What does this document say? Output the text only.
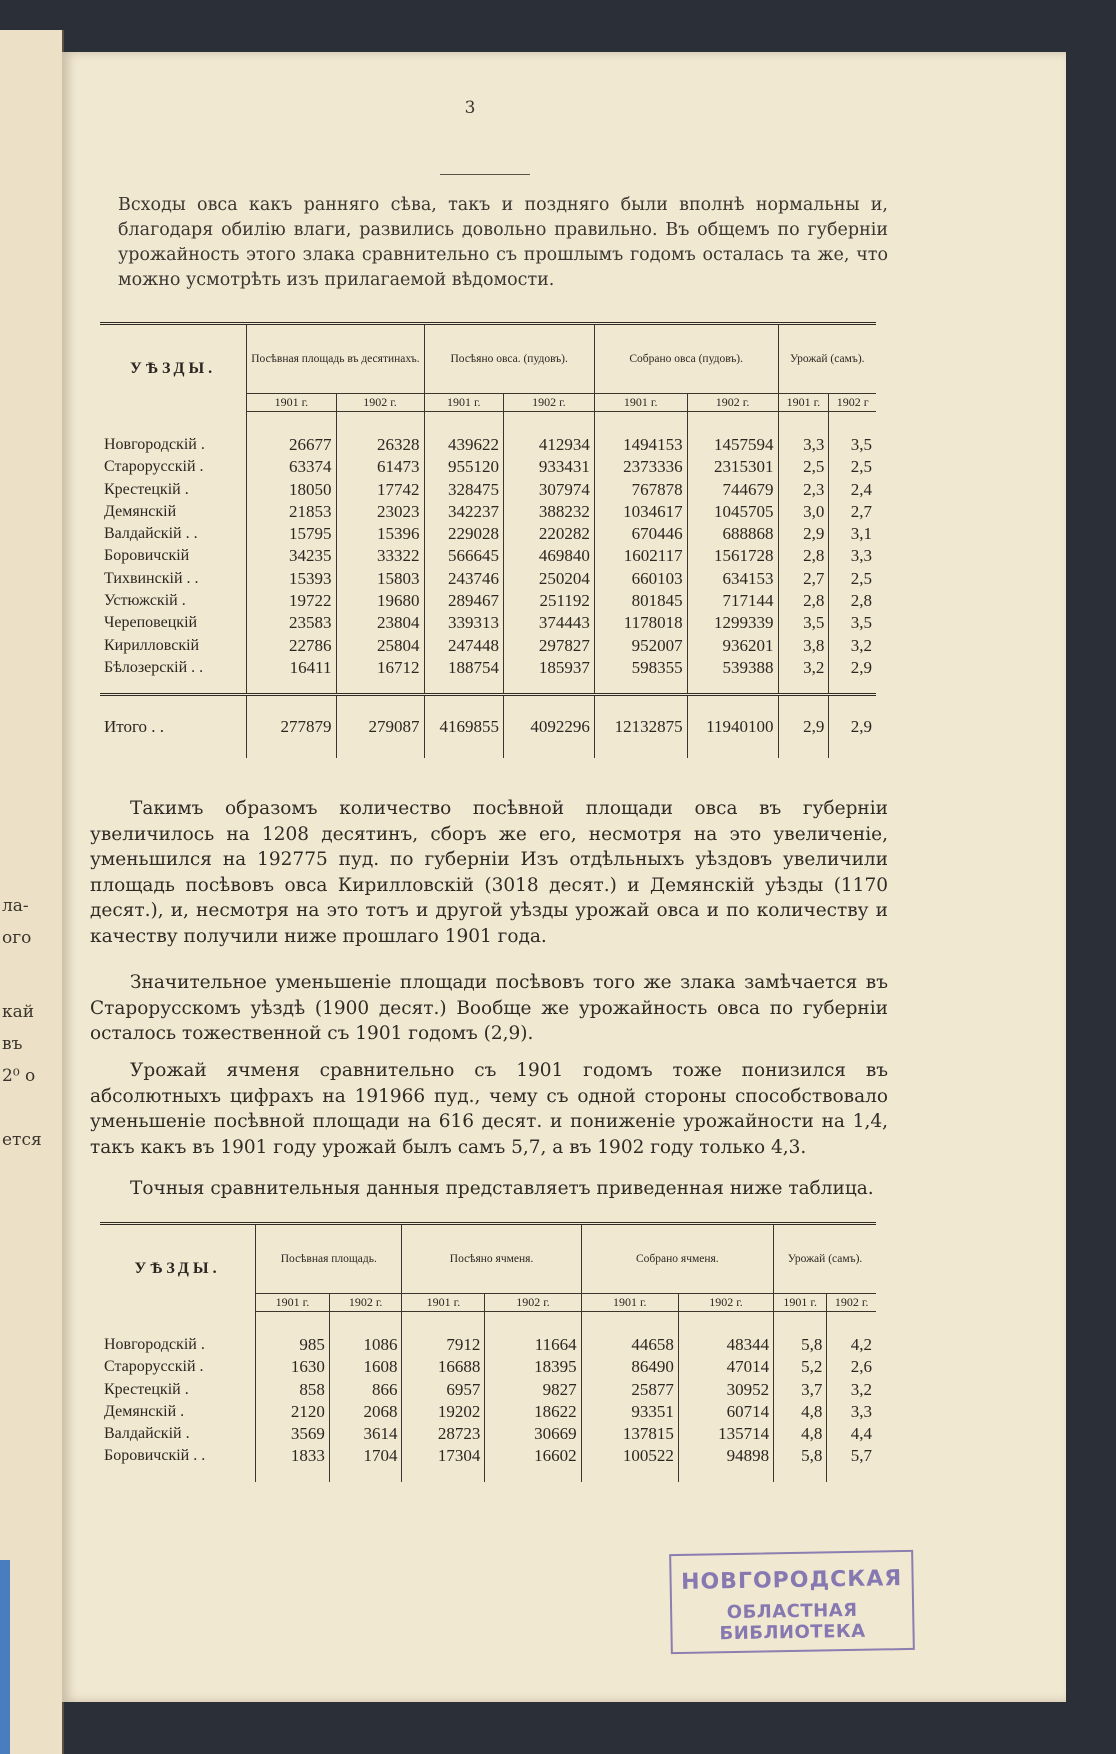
ла-
ого
кай
въ
2⁰ о
ется
3

Всходы овса какъ ранняго сѣва, такъ и поздняго были вполнѣ нормальны и, благодаря обилію влаги, развились довольно правильно. Въ общемъ по губерніи урожайность этого злака сравнительно съ прошлымъ годомъ осталась та же, что можно усмотрѣть изъ прилагаемой вѣдомости.

УѢЗДЫ.	Посѣвная площадь въ десятинахъ.		Посѣяно овса. (пудовъ).		Собрано овса (пудовъ).		Урожай (самъ).	
	1901 г.	1902 г.	1901 г.	1902 г.	1901 г.	1902 г.	1901 г.	1902 г

Новгородскій .	26677	26328	439622	412934	1494153	1457594	3,3	3,5
Старорусскій .	63374	61473	955120	933431	2373336	2315301	2,5	2,5
Крестецкій .	18050	17742	328475	307974	767878	744679	2,3	2,4
Демянскій	21853	23023	342237	388232	1034617	1045705	3,0	2,7
Валдайскій . .	15795	15396	229028	220282	670446	688868	2,9	3,1
Боровичскій	34235	33322	566645	469840	1602117	1561728	2,8	3,3
Тихвинскій . .	15393	15803	243746	250204	660103	634153	2,7	2,5
Устюжскій .	19722	19680	289467	251192	801845	717144	2,8	2,8
Череповецкій	23583	23804	339313	374443	1178018	1299339	3,5	3,5
Кирилловскій	22786	25804	247448	297827	952007	936201	3,8	3,2
Бѣлозерскій . .	16411	16712	188754	185937	598355	539388	3,2	2,9

Итого . .	277879	279087	4169855	4092296	12132875	11940100	2,9	2,9

Такимъ образомъ количество посѣвной площади овса въ губерніи увеличилось на 1208 десятинъ, сборъ же его, несмотря на это увеличеніе, уменьшился на 192775 пуд. по губерніи Изъ отдѣльныхъ уѣздовъ увеличили площадь посѣвовъ овса Кирилловскій (3018 десят.) и Демянскій уѣзды (1170 десят.), и, несмотря на это тотъ и другой уѣзды урожай овса и по количеству и качеству получили ниже прошлаго 1901 года.

Значительное уменьшеніе площади посѣвовъ того же злака замѣчается въ Старорусскомъ уѣздѣ (1900 десят.) Вообще же урожайность овса по губерніи осталось тожественной съ 1901 годомъ (2,9).

Урожай ячменя сравнительно съ 1901 годомъ тоже понизился въ абсолютныхъ цифрахъ на 191966 пуд., чему съ одной стороны способствовало уменьшеніе посѣвной площади на 616 десят. и пониженіе урожайности на 1,4, такъ какъ въ 1901 году урожай былъ самъ 5,7, а въ 1902 году только 4,3.

Точныя сравнительныя данныя представляетъ приведенная ниже таблица.

УѢЗДЫ.	Посѣвная площадь.		Посѣяно ячменя.		Собрано ячменя.		Урожай (самъ).	
	1901 г.	1902 г.	1901 г.	1902 г.	1901 г.	1902 г.	1901 г.	1902 г.

Новгородскій .	985	1086	7912	11664	44658	48344	5,8	4,2
Старорусскій .	1630	1608	16688	18395	86490	47014	5,2	2,6
Крестецкій .	858	866	6957	9827	25877	30952	3,7	3,2
Демянскій .	2120	2068	19202	18622	93351	60714	4,8	3,3
Валдайскій .	3569	3614	28723	30669	137815	135714	4,8	4,4
Боровичскій . .	1833	1704	17304	16602	100522	94898	5,8	5,7

НОВГОРОДСКАЯ
ОБЛАСТНАЯ БИБЛИОТЕКА
